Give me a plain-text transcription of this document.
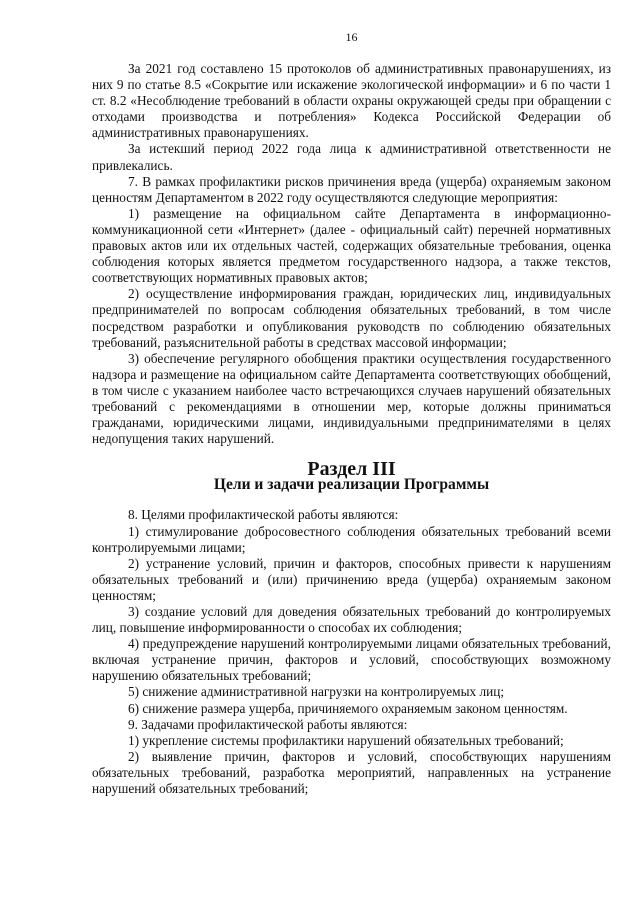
16

За 2021 год составлено 15 протоколов об административных правонарушениях, из них 9 по статье 8.5 «Сокрытие или искажение экологической информации» и 6 по части 1 ст. 8.2 «Несоблюдение требований в области охраны окружающей среды при обращении с отходами производства и потребления» Кодекса Российской Федерации об административных правонарушениях.

За истекший период 2022 года лица к административной ответственности не привлекались.

7. В рамках профилактики рисков причинения вреда (ущерба) охраняемым законом ценностям Департаментом в 2022 году осуществляются следующие мероприятия:

1) размещение на официальном сайте Департамента в информационно-коммуникационной сети «Интернет» (далее - официальный сайт) перечней нормативных правовых актов или их отдельных частей, содержащих обязательные требования, оценка соблюдения которых является предметом государственного надзора, а также текстов, соответствующих нормативных правовых актов;

2) осуществление информирования граждан, юридических лиц, индивидуальных предпринимателей по вопросам соблюдения обязательных требований, в том числе посредством разработки и опубликования руководств по соблюдению обязательных требований, разъяснительной работы в средствах массовой информации;

3) обеспечение регулярного обобщения практики осуществления государственного надзора и размещение на официальном сайте Департамента соответствующих обобщений, в том числе с указанием наиболее часто встречающихся случаев нарушений обязательных требований с рекомендациями в отношении мер, которые должны приниматься гражданами, юридическими лицами, индивидуальными предпринимателями в целях недопущения таких нарушений.

Раздел III
Цели и задачи реализации Программы

8. Целями профилактической работы являются:

1) стимулирование добросовестного соблюдения обязательных требований всеми контролируемыми лицами;

2) устранение условий, причин и факторов, способных привести к нарушениям обязательных требований и (или) причинению вреда (ущерба) охраняемым законом ценностям;

3) создание условий для доведения обязательных требований до контролируемых лиц, повышение информированности о способах их соблюдения;

4) предупреждение нарушений контролируемыми лицами обязательных требований, включая устранение причин, факторов и условий, способствующих возможному нарушению обязательных требований;

5) снижение административной нагрузки на контролируемых лиц;

6) снижение размера ущерба, причиняемого охраняемым законом ценностям.

9. Задачами профилактической работы являются:

1) укрепление системы профилактики нарушений обязательных требований;

2) выявление причин, факторов и условий, способствующих нарушениям обязательных требований, разработка мероприятий, направленных на устранение нарушений обязательных требований;
